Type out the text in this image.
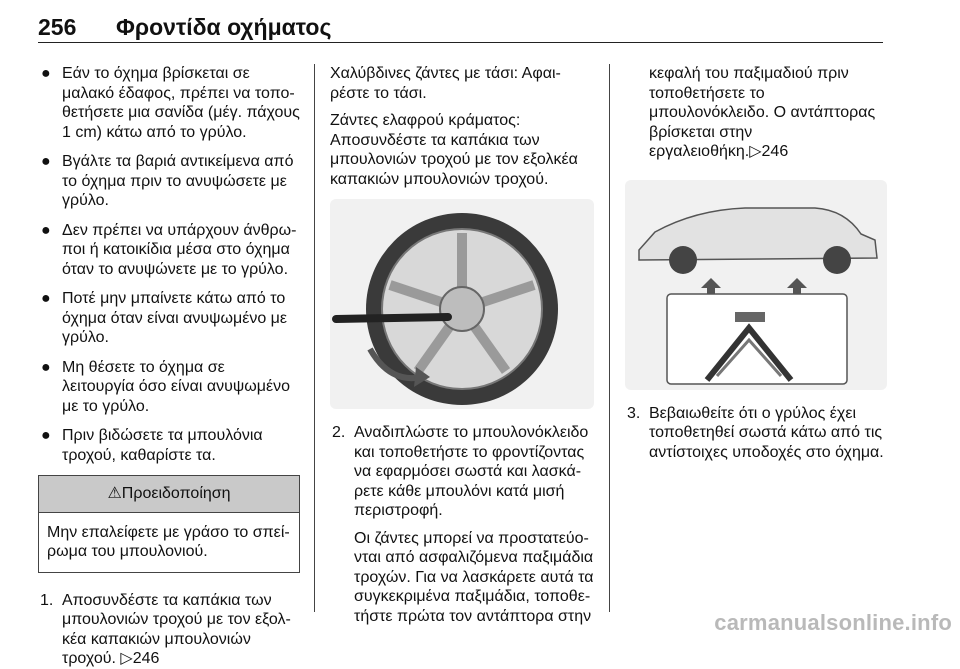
256 Φροντίδα οχήματος
● Εάν το όχημα βρίσκεται σε μαλακό έδαφος, πρέπει να τοποθετήσετε μια σανίδα (μέγ. πάχους 1 cm) κάτω από το γρύλο.
● Βγάλτε τα βαριά αντικείμενα από το όχημα πριν το ανυψώσετε με γρύλο.
● Δεν πρέπει να υπάρχουν άνθρωποι ή κατοικίδια μέσα στο όχημα όταν το ανυψώνετε με το γρύλο.
● Ποτέ μην μπαίνετε κάτω από το όχημα όταν είναι ανυψωμένο με γρύλο.
● Μη θέσετε το όχημα σε λειτουργία όσο είναι ανυψωμένο με το γρύλο.
● Πριν βιδώσετε τα μπουλόνια τροχού, καθαρίστε τα.
⚠Προειδοποίηση
Μην επαλείφετε με γράσο το σπείρωμα του μπουλονιού.
1. Αποσυνδέστε τα καπάκια των μπουλονιών τροχού με τον εξολκέα καπακιών μπουλονιών τροχού. ▷246

Χαλύβδινες ζάντες με τάσι: Αφαιρέστε το τάσι.

Ζάντες ελαφρού κράματος: Αποσυνδέστε τα καπάκια των μπουλονιών τροχού με τον εξολκέα καπακιών μπουλονιών τροχού.

2. Αναδιπλώστε το μπουλονόκλειδο και τοποθετήστε το φροντίζοντας να εφαρμόσει σωστά και λασκάρετε κάθε μπουλόνι κατά μισή περιστροφή.

Οι ζάντες μπορεί να προστατεύονται από ασφαλιζόμενα παξιμάδια τροχών. Για να λασκάρετε αυτά τα συγκεκριμένα παξιμάδια, τοποθετήστε πρώτα τον αντάπτορα στην

κεφαλή του παξιμαδιού πριν τοποθετήσετε το μπουλονόκλειδο. Ο αντάπτορας βρίσκεται στην εργαλειοθήκη.▷246

3. Βεβαιωθείτε ότι ο γρύλος έχει τοποθετηθεί σωστά κάτω από τις αντίστοιχες υποδοχές στο όχημα.
carmanualsonline.info
